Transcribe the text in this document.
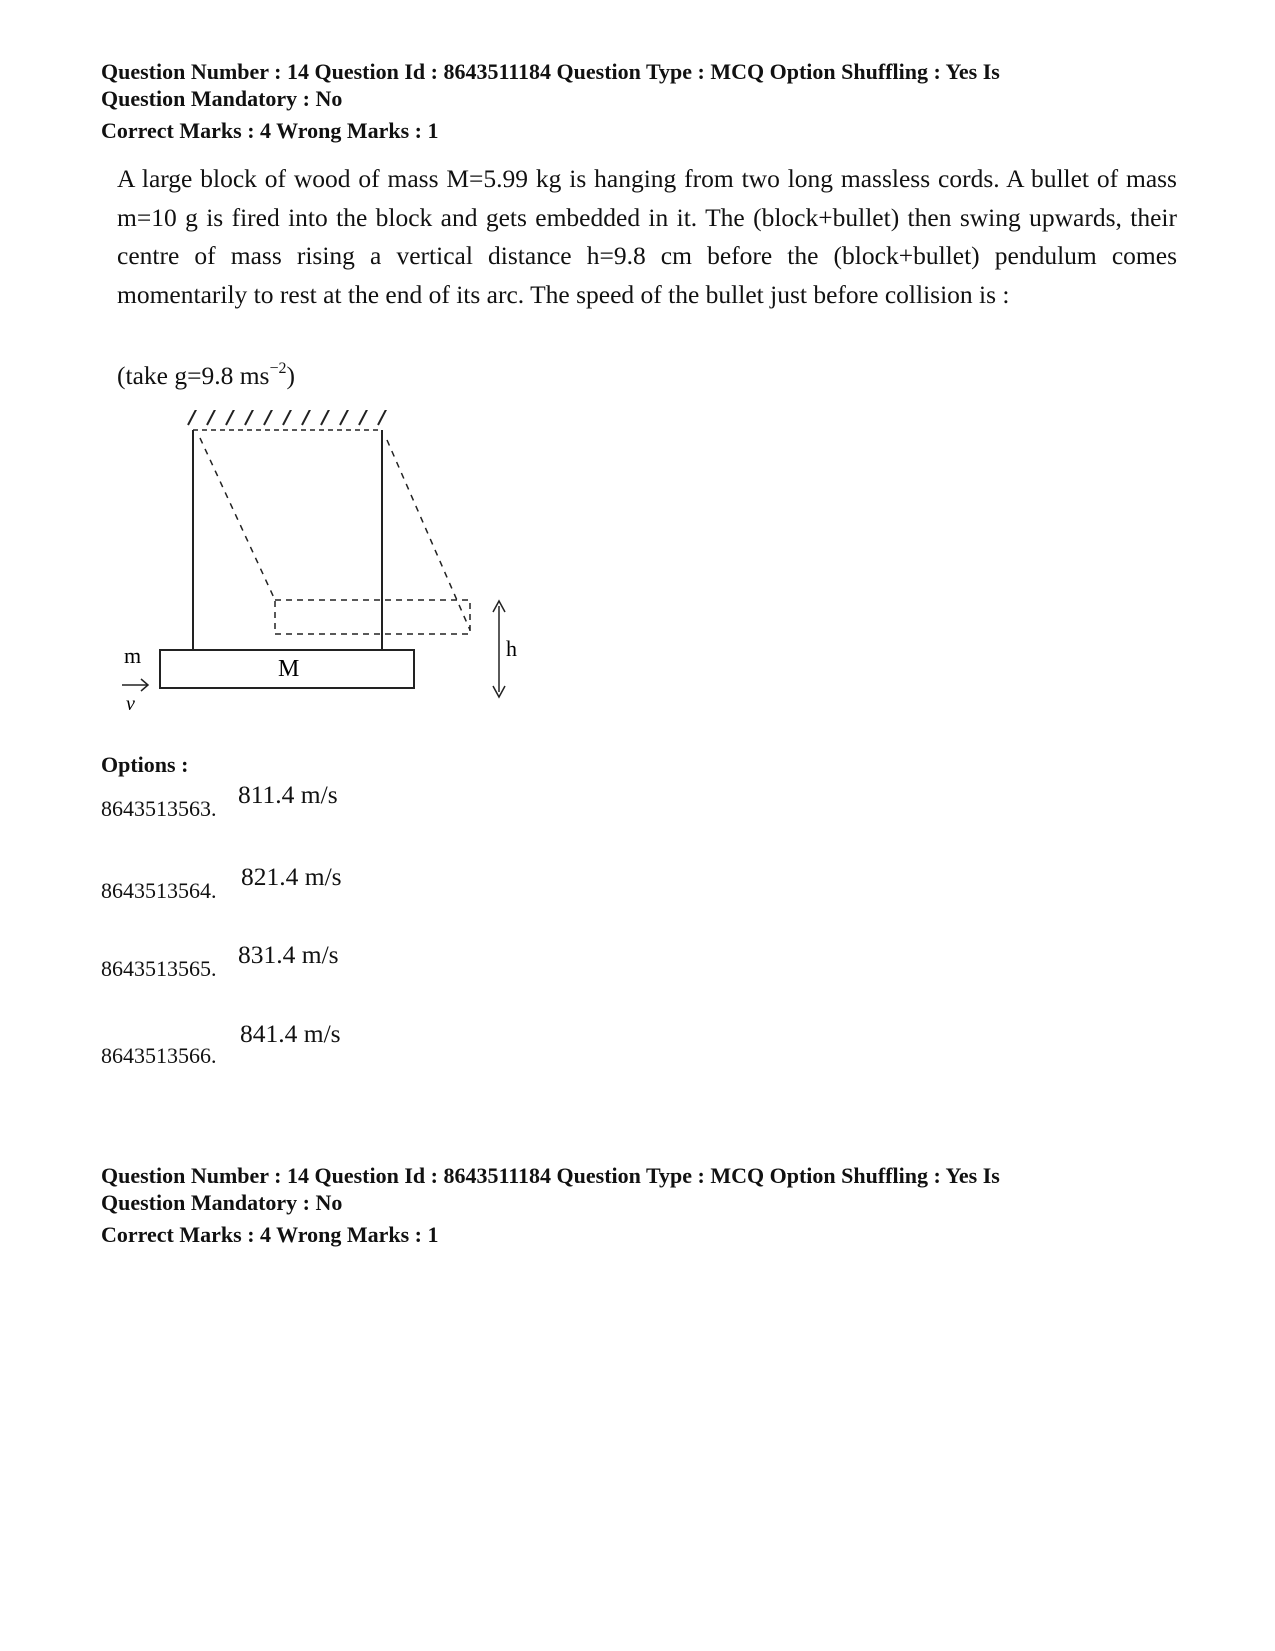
Question Number : 14 Question Id : 8643511184 Question Type : MCQ Option Shuffling : Yes Is
Question Mandatory : No
Correct Marks : 4 Wrong Marks : 1
A large block of wood of mass M=5.99 kg is hanging from two long massless cords. A bullet of mass m=10 g is fired into the block and gets embedded in it. The (block+bullet) then swing upwards, their centre of mass rising a vertical distance h=9.8 cm before the (block+bullet) pendulum comes momentarily to rest at the end of its arc. The speed of the bullet just before collision is :
(take g=9.8 $ms^{-2}$)
M
m
v
h
Options :
8643513563. 811.4 m/s
8643513564. 821.4 m/s
8643513565. 831.4 m/s
8643513566.
841.4 m/s
Question Number : 14 Question Id : 8643511184 Question Type : MCQ Option Shuffling : Yes Is
Question Mandatory : No
Correct Marks : 4 Wrong Marks : 1
